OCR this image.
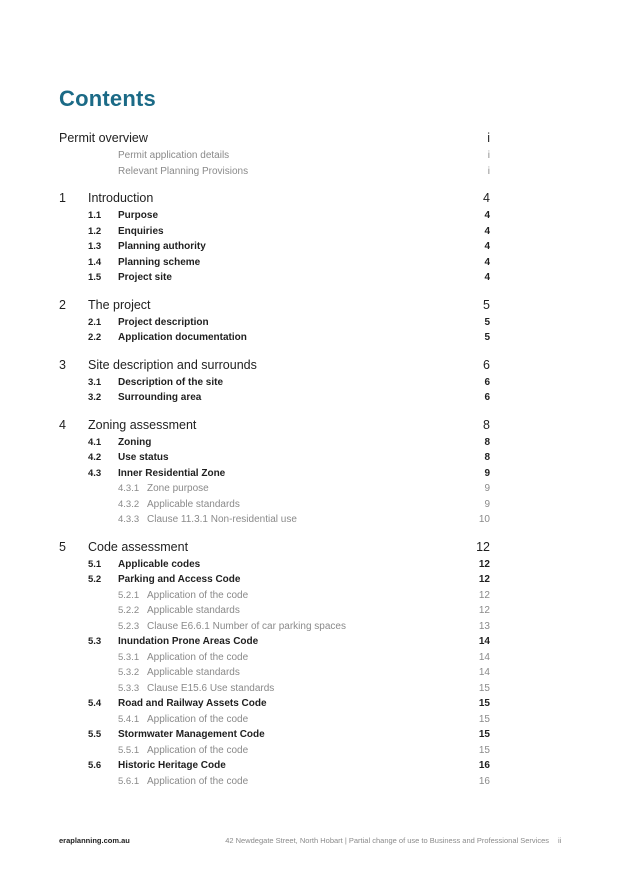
Contents
Permit overview	i
Permit application details	i
Relevant Planning Provisions	i
1 Introduction	4
1.1 Purpose	4
1.2 Enquiries	4
1.3 Planning authority	4
1.4 Planning scheme	4
1.5 Project site	4
2 The project	5
2.1 Project description	5
2.2 Application documentation	5
3 Site description and surrounds	6
3.1 Description of the site	6
3.2 Surrounding area	6
4 Zoning assessment	8
4.1 Zoning	8
4.2 Use status	8
4.3 Inner Residential Zone	9
4.3.1 Zone purpose	9
4.3.2 Applicable standards	9
4.3.3 Clause 11.3.1 Non-residential use	10
5 Code assessment	12
5.1 Applicable codes	12
5.2 Parking and Access Code	12
5.2.1 Application of the code	12
5.2.2 Applicable standards	12
5.2.3 Clause E6.6.1 Number of car parking spaces	13
5.3 Inundation Prone Areas Code	14
5.3.1 Application of the code	14
5.3.2 Applicable standards	14
5.3.3 Clause E15.6 Use standards	15
5.4 Road and Railway Assets Code	15
5.4.1 Application of the code	15
5.5 Stormwater Management Code	15
5.5.1 Application of the code	15
5.6 Historic Heritage Code	16
5.6.1 Application of the code	16
eraplanning.com.au	42 Newdegate Street, North Hobart | Partial change of use to Business and Professional Services ii
